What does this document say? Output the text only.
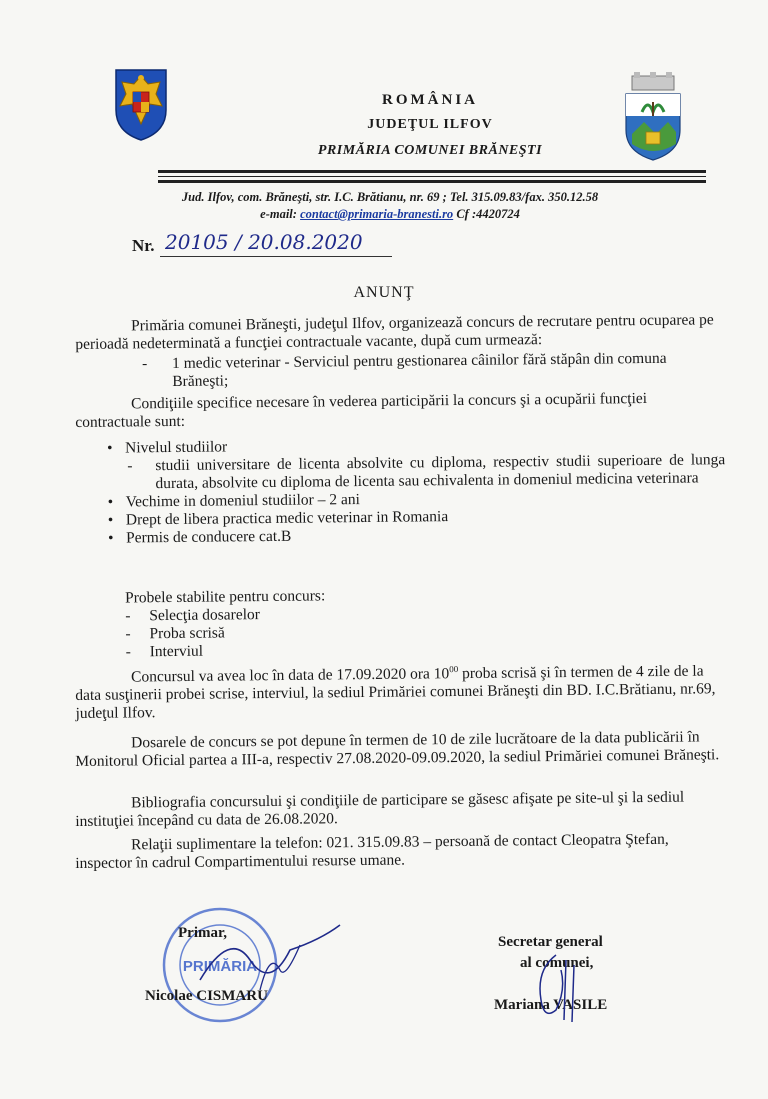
ROMÂNIA
JUDEŢUL ILFOV
PRIMĂRIA COMUNEI BRĂNEŞTI
Jud. Ilfov, com. Brăneşti, str. I.C. Brătianu, nr. 69 ; Tel. 315.09.83/fax. 350.12.58
e-mail: contact@primaria-branesti.ro Cf :4420724
Nr. 20105 / 20.08.2020
ANUNŢ
Primăria comunei Brăneşti, judeţul Ilfov, organizează concurs de recrutare pentru ocuparea pe perioadă nedeterminată a funcţiei contractuale vacante, după cum urmează:
- 1 medic veterinar - Serviciul pentru gestionarea câinilor fără stăpân din comuna Brăneşti;
Condiţiile specifice necesare în vederea participării la concurs şi a ocupării funcţiei contractuale sunt:
• Nivelul studiilor
- studii universitare de licenta absolvite cu diploma, respectiv studii superioare de lunga durata, absolvite cu diploma de licenta sau echivalenta in domeniul medicina veterinara
• Vechime in domeniul studiilor – 2 ani
• Drept de libera practica medic veterinar in Romania
• Permis de conducere cat.B
Probele stabilite pentru concurs:
- Selecţia dosarelor
- Proba scrisă
- Interviul
Concursul va avea loc în data de 17.09.2020 ora $10^{00}$ proba scrisă şi în termen de 4 zile de la data susţinerii probei scrise, interviul, la sediul Primăriei comunei Brăneşti din BD. I.C.Brătianu, nr.69, judeţul Ilfov.
Dosarele de concurs se pot depune în termen de 10 de zile lucrătoare de la data publicării în Monitorul Oficial partea a III-a, respectiv 27.08.2020-09.09.2020, la sediul Primăriei comunei Brăneşti.
Bibliografia concursului şi condiţiile de participare se găsesc afişate pe site-ul şi la sediul instituţiei începând cu data de 26.08.2020.
Relaţii suplimentare la telefon: 021. 315.09.83 – persoană de contact Cleopatra Ştefan, inspector în cadrul Compartimentului resurse umane.
PRIMĂRIA
Primar,
Nicolae CISMARU
Secretar general
al comunei,
Mariana VASILE
